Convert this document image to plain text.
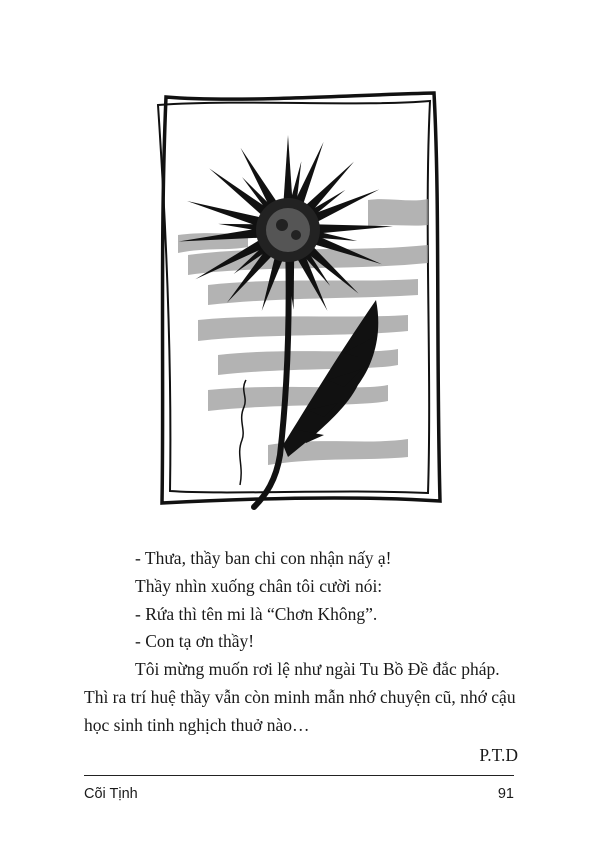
- Thưa, thầy ban chi con nhận nấy ạ!

Thầy nhìn xuống chân tôi cười nói:

- Rứa thì tên mi là “Chơn Không”.

- Con tạ ơn thầy!

Tôi mừng muốn rơi lệ như ngài Tu Bồ Đề đắc pháp.

Thì ra trí huệ thầy vẫn còn minh mẫn nhớ chuyện cũ, nhớ cậu

học sinh tinh nghịch thuở nào…

P.T.D

Cõi Tịnh	91
